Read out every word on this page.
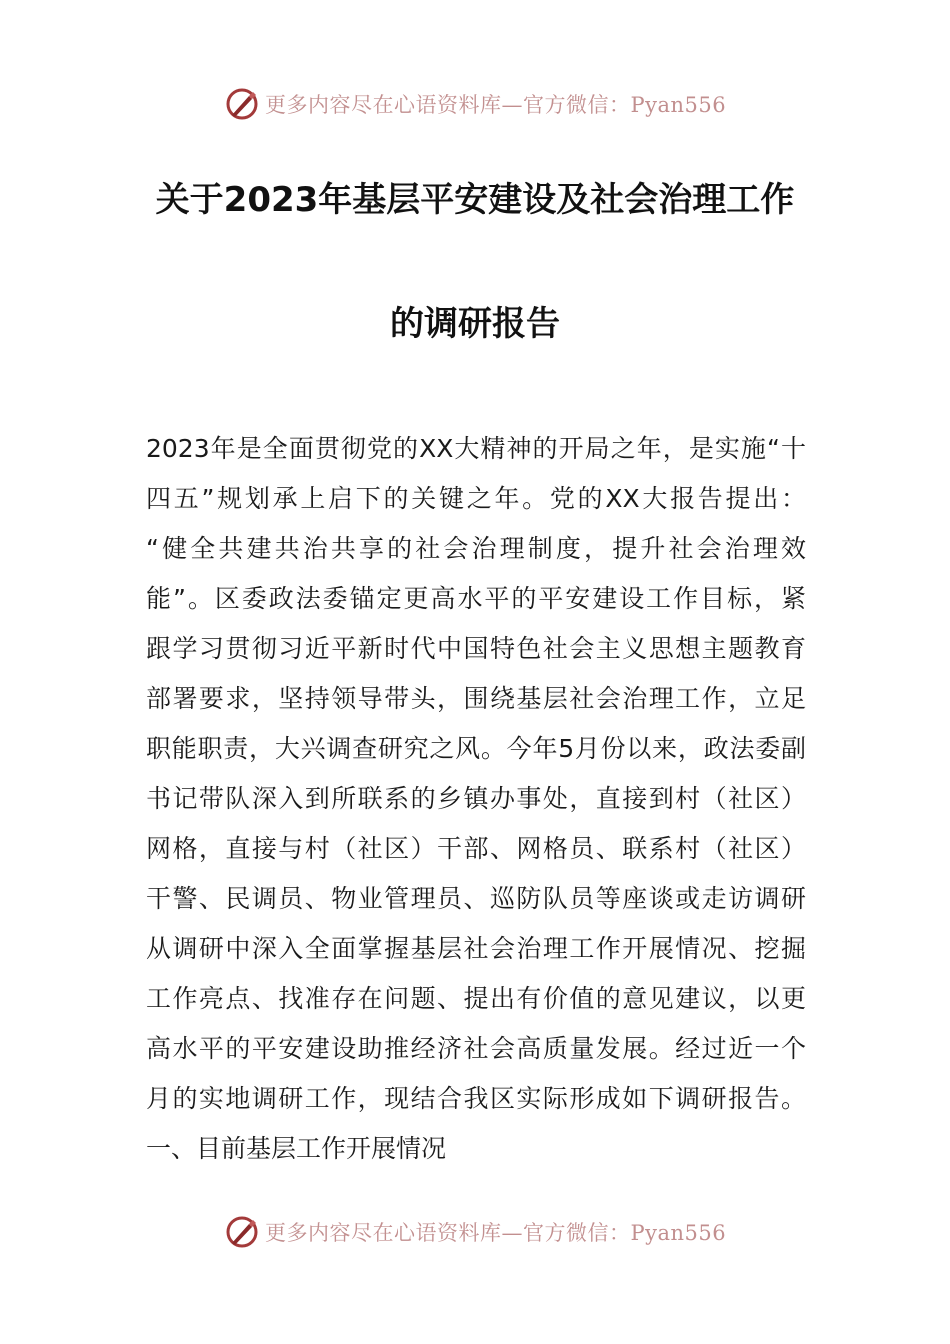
更多内容尽在心语资料库—官方微信：Pyan556
关于2023年基层平安建设及社会治理工作
的调研报告
2023年是全面贯彻党的XX大精神的开局之年，是实施“十
四五”规划承上启下的关键之年。党的XX大报告提出：
“健全共建共治共享的社会治理制度，提升社会治理效
能”。区委政法委锚定更高水平的平安建设工作目标，紧
跟学习贯彻习近平新时代中国特色社会主义思想主题教育
部署要求，坚持领导带头，围绕基层社会治理工作，立足
职能职责，大兴调查研究之风。今年5月份以来，政法委副
书记带队深入到所联系的乡镇办事处，直接到村（社区）
网格，直接与村（社区）干部、网格员、联系村（社区）
干警、民调员、物业管理员、巡防队员等座谈或走访调研
从调研中深入全面掌握基层社会治理工作开展情况、挖掘
工作亮点、找准存在问题、提出有价值的意见建议，以更
高水平的平安建设助推经济社会高质量发展。经过近一个
月的实地调研工作，现结合我区实际形成如下调研报告。
一、目前基层工作开展情况
更多内容尽在心语资料库—官方微信：Pyan556
